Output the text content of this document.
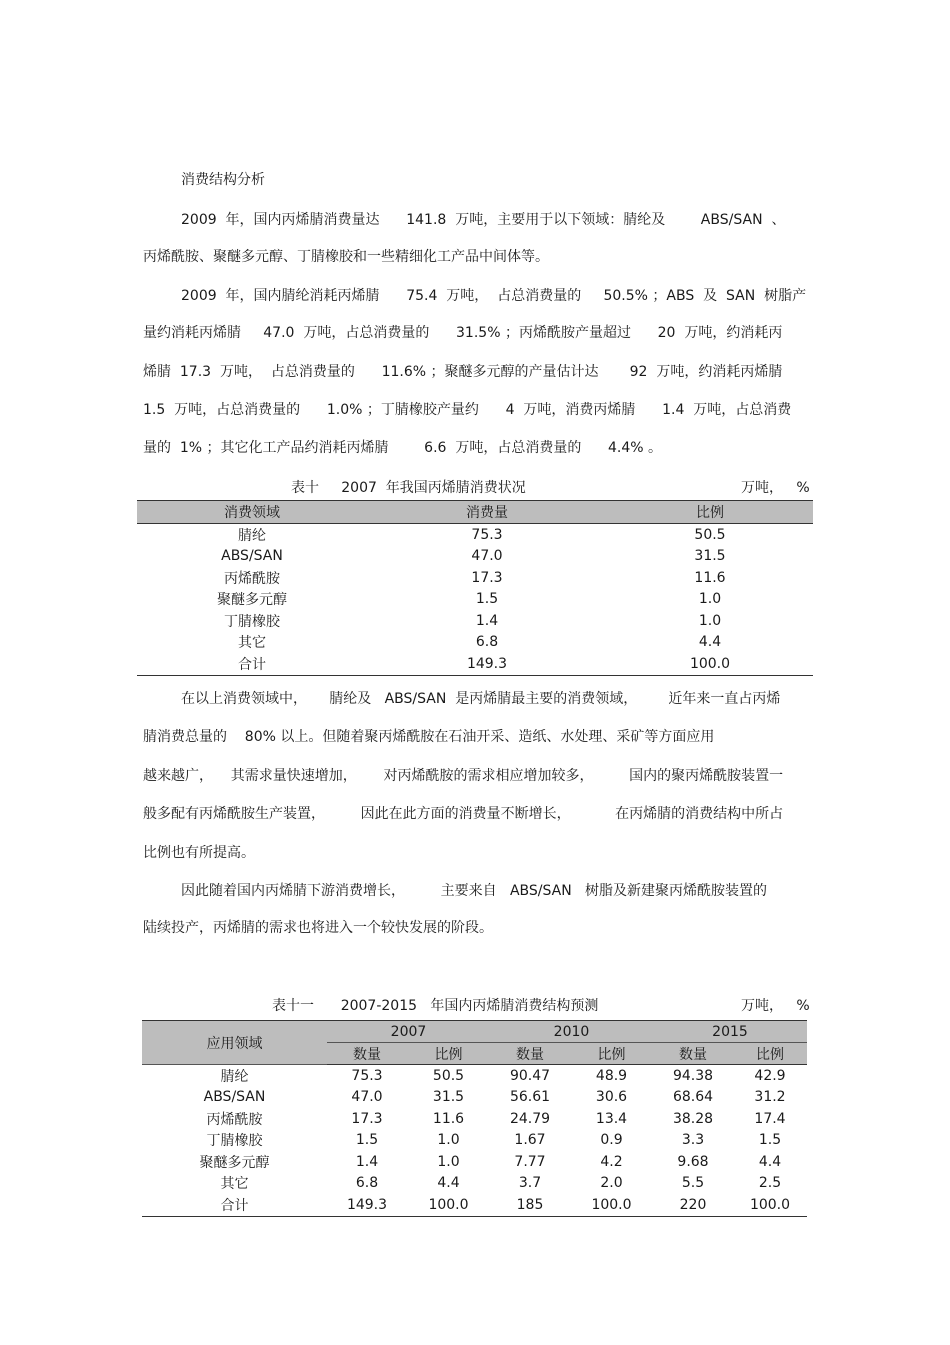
消费结构分析
2009  年，国内丙烯腈消费量达      141.8  万吨，主要用于以下领域：腈纶及        ABS/SAN  、
丙烯酰胺、聚醚多元醇、丁腈橡胶和一些精细化工产品中间体等。
2009  年，国内腈纶消耗丙烯腈      75.4  万吨，  占总消费量的     50.5% ；ABS  及  SAN  树脂产
量约消耗丙烯腈     47.0  万吨，占总消费量的      31.5% ；丙烯酰胺产量超过      20  万吨，约消耗丙
烯腈  17.3  万吨，  占总消费量的      11.6% ；聚醚多元醇的产量估计达       92  万吨，约消耗丙烯腈
1.5  万吨，占总消费量的      1.0% ；丁腈橡胶产量约      4  万吨，消费丙烯腈      1.4  万吨，占总消费
量的  1% ；其它化工产品约消耗丙烯腈        6.6  万吨，占总消费量的      4.4% 。
表十     2007  年我国丙烯腈消费状况	万吨，   %
消费领域	消费量	比例
腈纶	75.3	50.5
ABS/SAN	47.0	31.5
丙烯酰胺	17.3	11.6
聚醚多元醇	1.5	1.0
丁腈橡胶	1.4	1.0
其它	6.8	4.4
合计	149.3	100.0
在以上消费领域中，     腈纶及   ABS/SAN  是丙烯腈最主要的消费领域，       近年来一直占丙烯
腈消费总量的    80% 以上。但随着聚丙烯酰胺在石油开采、造纸、水处理、采矿等方面应用
越来越广，    其需求量快速增加，      对丙烯酰胺的需求相应增加较多，        国内的聚丙烯酰胺装置一
般多配有丙烯酰胺生产装置，        因此在此方面的消费量不断增长，          在丙烯腈的消费结构中所占
比例也有所提高。
因此随着国内丙烯腈下游消费增长，        主要来自   ABS/SAN   树脂及新建聚丙烯酰胺装置的
陆续投产，丙烯腈的需求也将进入一个较快发展的阶段。
表十一      2007-2015   年国内丙烯腈消费结构预测	万吨，   %
应用领域	2007		2010		2015	
	数量	比例	数量	比例	数量	比例
腈纶	75.3	50.5	90.47	48.9	94.38	42.9
ABS/SAN	47.0	31.5	56.61	30.6	68.64	31.2
丙烯酰胺	17.3	11.6	24.79	13.4	38.28	17.4
丁腈橡胶	1.5	1.0	1.67	0.9	3.3	1.5
聚醚多元醇	1.4	1.0	7.77	4.2	9.68	4.4
其它	6.8	4.4	3.7	2.0	5.5	2.5
合计	149.3	100.0	185	100.0	220	100.0
